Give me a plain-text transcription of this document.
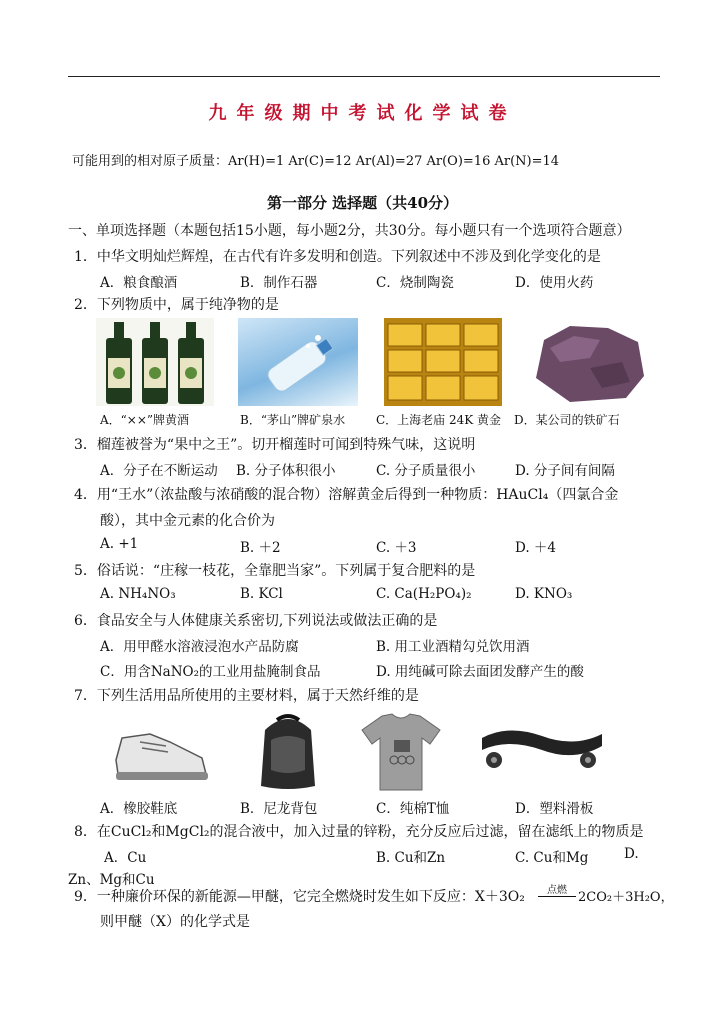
九年级期中考试化学试卷
可能用到的相对原子质量：Ar(H)=1 Ar(C)=12 Ar(Al)=27 Ar(O)=16 Ar(N)=14
第一部分 选择题（共40分）
一、单项选择题（本题包括15小题，每小题2分，共30分。每小题只有一个选项符合题意）
1．中华文明灿烂辉煌，在古代有许多发明和创造。下列叙述中不涉及到化学变化的是
A．粮食酿酒	B．制作石器	C．烧制陶瓷	D．使用火药
2．下列物质中，属于纯净物的是
A．“××”牌黄酒	B．“茅山”牌矿泉水	C．上海老庙 24K 黄金 D．某公司的铁矿石
3．榴莲被誉为“果中之王”。切开榴莲时可闻到特殊气味，这说明
A．分子在不断运动 B. 分子体积很小	C. 分子质量很小	D. 分子间有间隔
4．用“王水”（浓盐酸与浓硝酸的混合物）溶解黄金后得到一种物质：HAuCl₄（四氯合金
酸），其中金元素的化合价为
A. +1	B. ＋2	C. ＋3	D. ＋4
5．俗话说：“庄稼一枝花，全靠肥当家”。下列属于复合肥料的是
A. NH₄NO₃	B. KCl	C. Ca(H₂PO₄)₂	D. KNO₃
6．食品安全与人体健康关系密切,下列说法或做法正确的是
A．用甲醛水溶液浸泡水产品防腐	B. 用工业酒精勾兑饮用酒
C．用含NaNO₂的工业用盐腌制食品	D. 用纯碱可除去面团发酵产生的酸
7．下列生活用品所使用的主要材料，属于天然纤维的是
A．橡胶鞋底	B．尼龙背包	C．纯棉T恤	D．塑料滑板
8．在CuCl₂和MgCl₂的混合液中，加入过量的锌粉，充分反应后过滤，留在滤纸上的物质是
A．Cu	B. Cu和Zn	C. Cu和Mg	D.
Zn、Mg和Cu
9．一种廉价环保的新能源—甲醚，它完全燃烧时发生如下反应：X＋3O₂	点燃 2CO₂＋3H₂O，
则甲醚（X）的化学式是
